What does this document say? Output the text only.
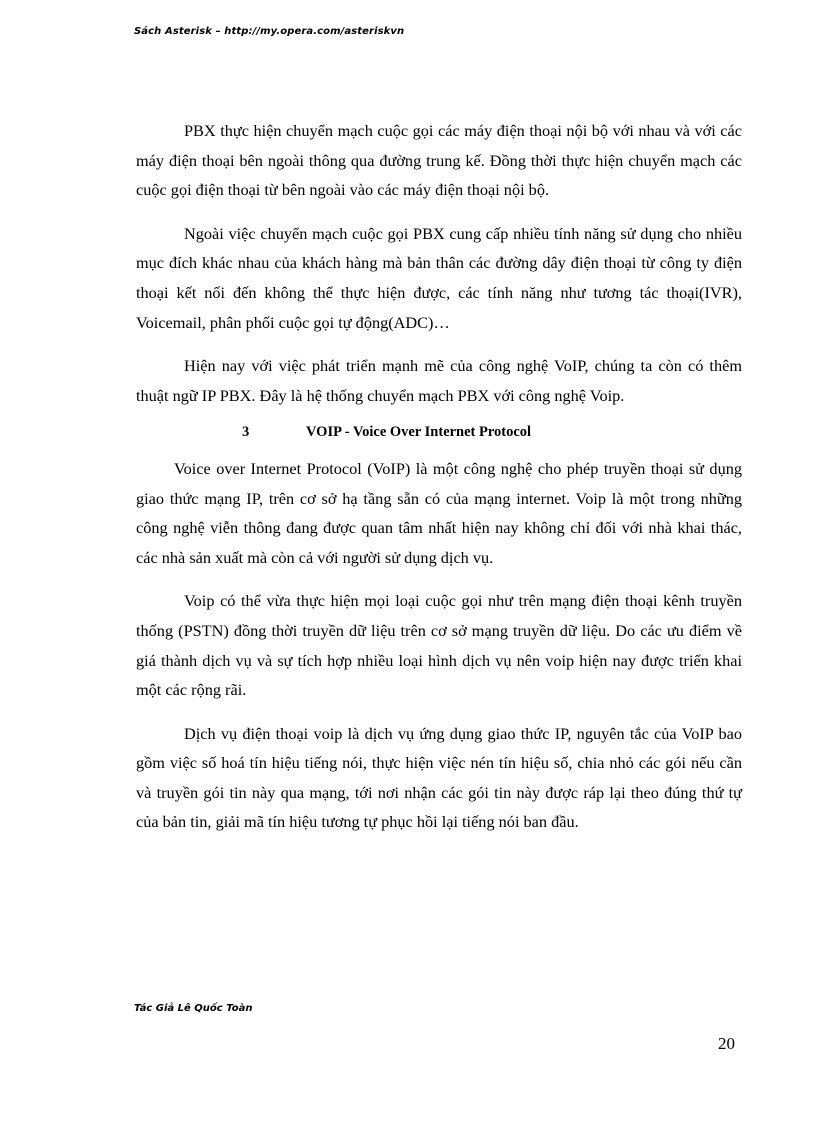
Sách Asterisk – http://my.opera.com/asteriskvn

PBX thực hiện chuyển mạch cuộc gọi các máy điện thoại nội bộ với nhau và với các máy điện thoại bên ngoài thông qua đường trung kế. Đồng thời thực hiện chuyển mạch các cuộc gọi điện thoại từ bên ngoài vào các máy điện thoại nội bộ.

Ngoài việc chuyển mạch cuộc gọi PBX cung cấp nhiều tính năng sử dụng cho nhiều mục đích khác nhau của khách hàng mà bản thân các đường dây điện thoại từ công ty điện thoại kết nối đến không thể thực hiện được, các tính năng như tương tác thoại(IVR), Voicemail, phân phối cuộc gọi tự động(ADC)…

Hiện nay với việc phát triển mạnh mẽ của công nghệ VoIP, chúng ta còn có thêm thuật ngữ IP PBX. Đây là hệ thống chuyển mạch PBX với công nghệ Voip.

3	VOIP - Voice Over Internet Protocol

Voice over Internet Protocol (VoIP) là một công nghệ cho phép truyền thoại sử dụng giao thức mạng IP, trên cơ sở hạ tầng sẵn có của mạng internet. Voip là một trong những công nghệ viễn thông đang được quan tâm nhất hiện nay không chỉ đối với nhà khai thác, các nhà sản xuất mà còn cả với người sử dụng dịch vụ.

Voip có thể vừa thực hiện mọi loại cuộc gọi như trên mạng điện thoại kênh truyền thống (PSTN) đồng thời truyền dữ liệu trên cơ sở mạng truyền dữ liệu. Do các ưu điểm về giá thành dịch vụ và sự tích hợp nhiều loại hình dịch vụ nên voip hiện nay được triển khai một các rộng rãi.

Dịch vụ điện thoại voip là dịch vụ ứng dụng giao thức IP, nguyên tắc của VoIP bao gồm việc số hoá tín hiệu tiếng nói, thực hiện việc nén tín hiệu số, chia nhỏ các gói nếu cần và truyền gói tin này qua mạng, tới nơi nhận các gói tin này được ráp lại theo đúng thứ tự của bản tin, giải mã tín hiệu tương tự phục hồi lại tiếng nói ban đầu.

Tác Giả Lê Quốc Toàn
20
